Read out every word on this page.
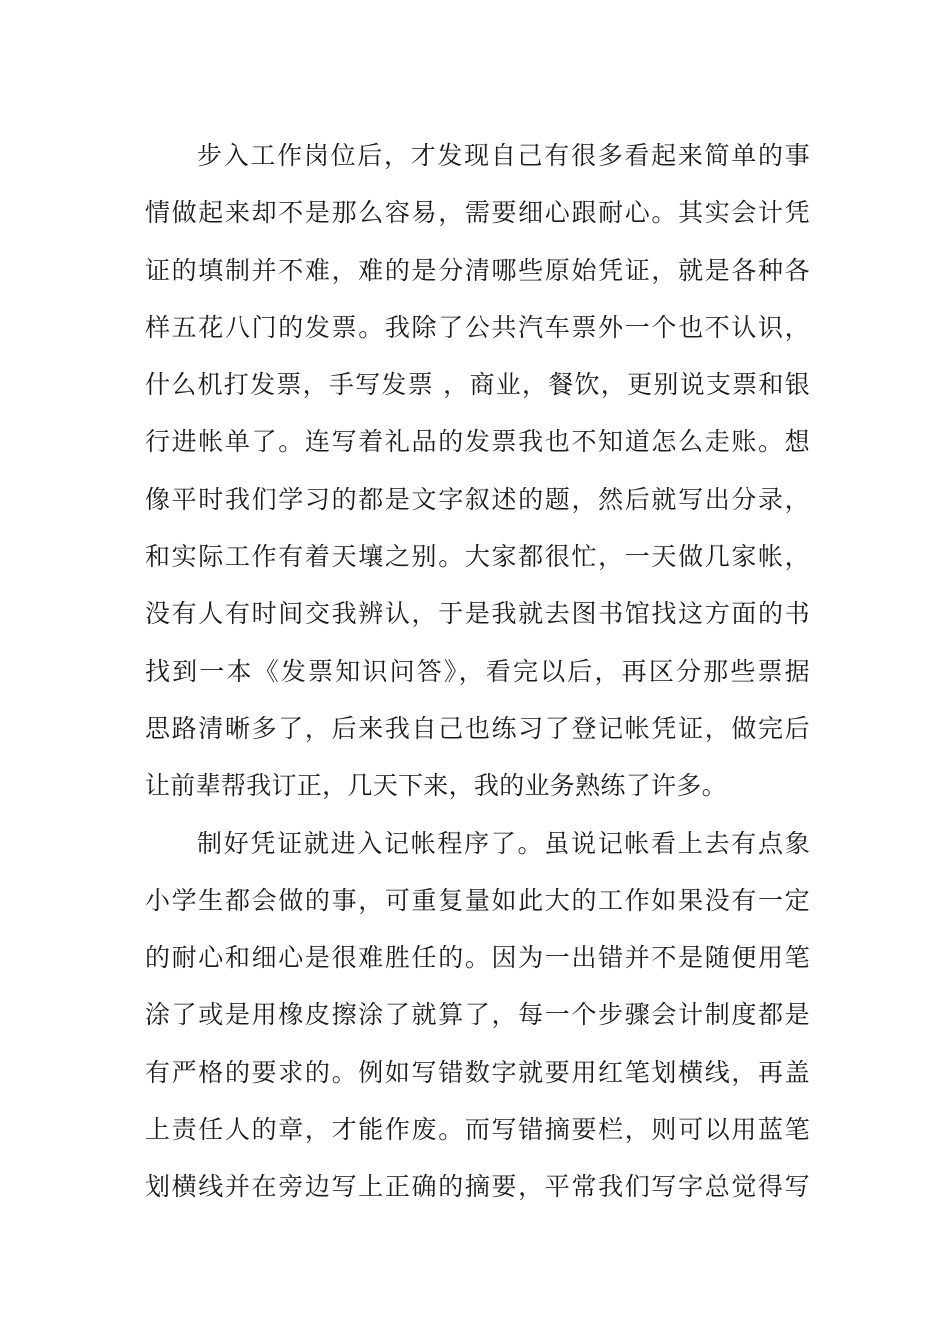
步入工作岗位后，才发现自己有很多看起来简单的事
情做起来却不是那么容易，需要细心跟耐心。其实会计凭
证的填制并不难，难的是分清哪些原始凭证，就是各种各
样五花八门的发票。我除了公共汽车票外一个也不认识，
什么机打发票，手写发票 ，商业，餐饮，更别说支票和银
行进帐单了。连写着礼品的发票我也不知道怎么走账。想
像平时我们学习的都是文字叙述的题，然后就写出分录，
和实际工作有着天壤之别。大家都很忙，一天做几家帐，
没有人有时间交我辨认，于是我就去图书馆找这方面的书
找到一本《发票知识问答》，看完以后，再区分那些票据
思路清晰多了，后来我自己也练习了登记帐凭证，做完后
让前辈帮我订正，几天下来，我的业务熟练了许多。
制好凭证就进入记帐程序了。虽说记帐看上去有点象
小学生都会做的事，可重复量如此大的工作如果没有一定
的耐心和细心是很难胜任的。因为一出错并不是随便用笔
涂了或是用橡皮擦涂了就算了，每一个步骤会计制度都是
有严格的要求的。例如写错数字就要用红笔划横线，再盖
上责任人的章，才能作废。而写错摘要栏，则可以用蓝笔
划横线并在旁边写上正确的摘要，平常我们写字总觉得写
